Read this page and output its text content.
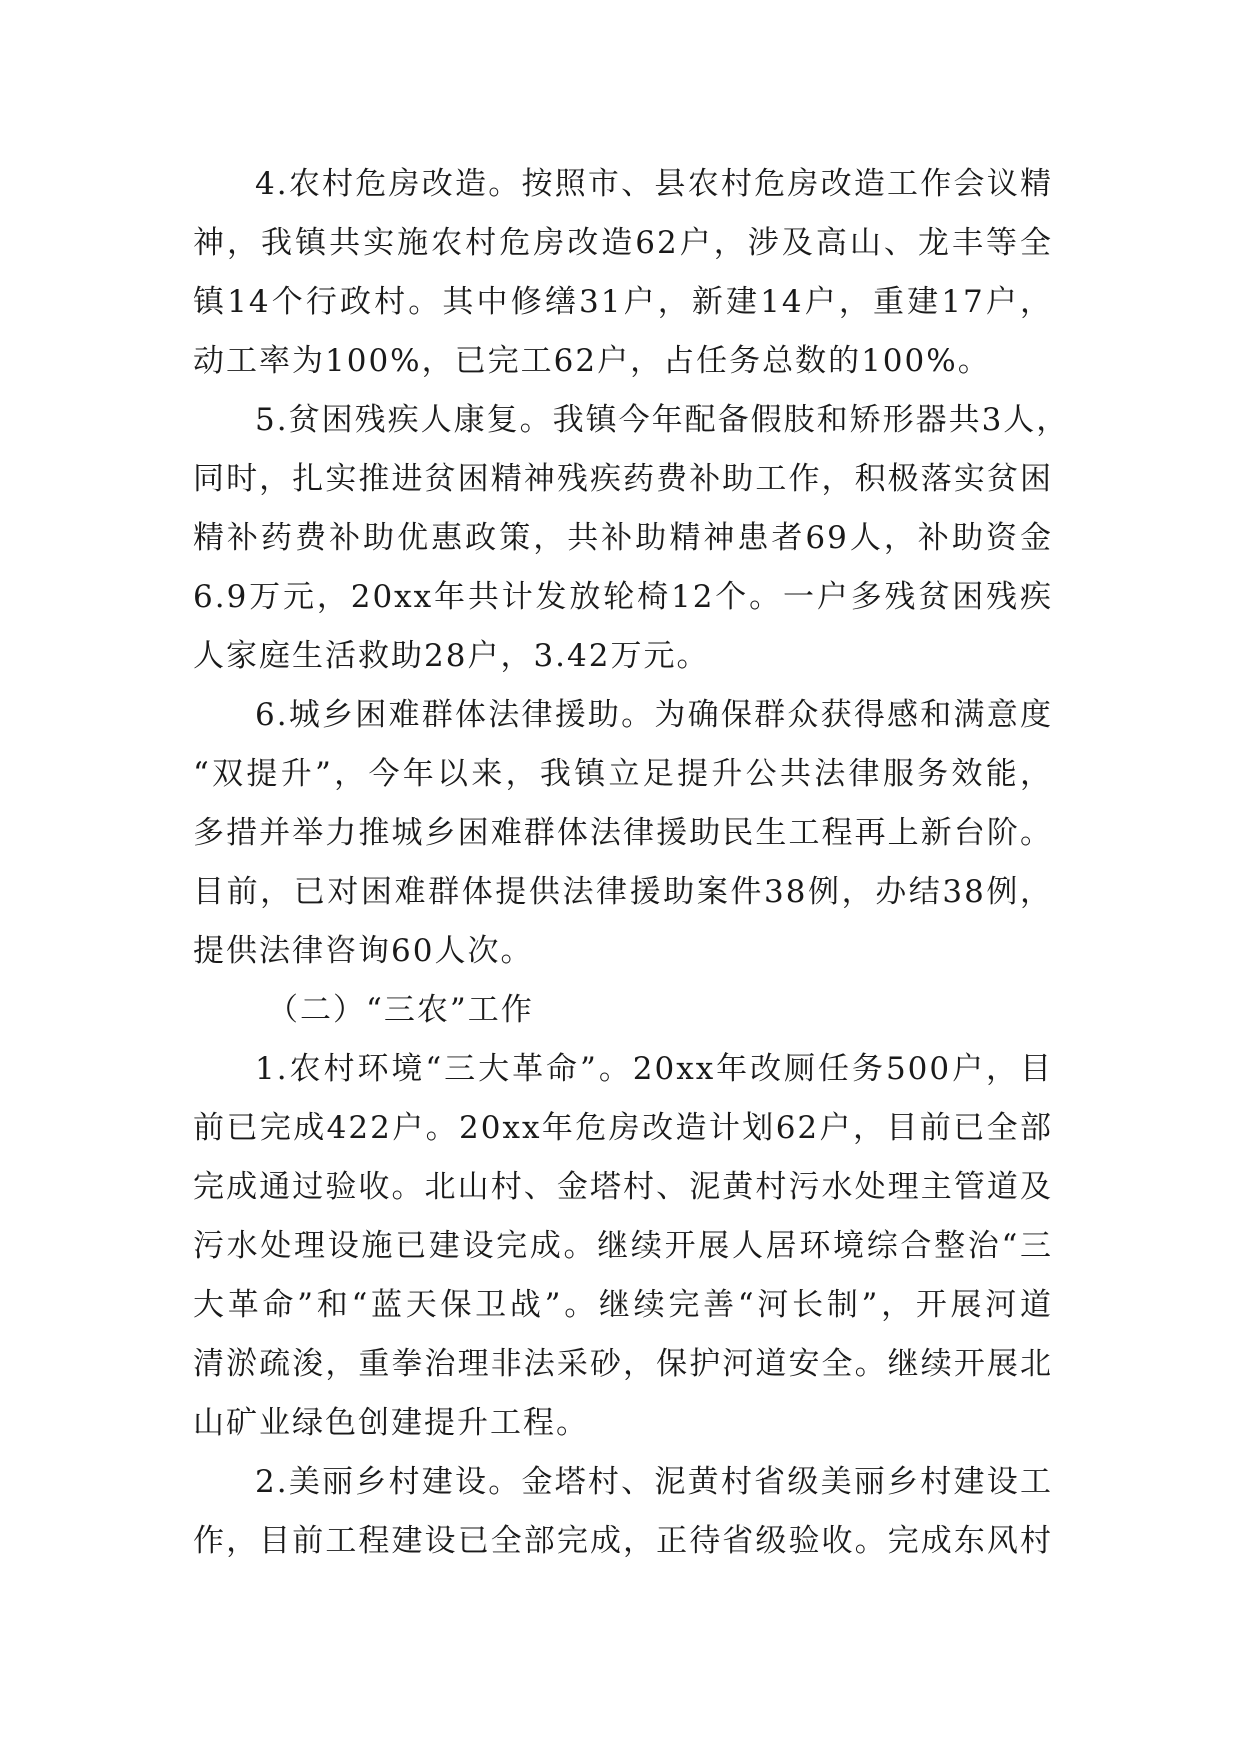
4.农村危房改造。按照市、县农村危房改造工作会议精
神，我镇共实施农村危房改造62户，涉及高山、龙丰等全
镇14个行政村。其中修缮31户，新建14户，重建17户，
动工率为100%，已完工62户，占任务总数的100%。
5.贫困残疾人康复。我镇今年配备假肢和矫形器共3人，
同时，扎实推进贫困精神残疾药费补助工作，积极落实贫困
精补药费补助优惠政策，共补助精神患者69人，补助资金
6.9万元，20xx年共计发放轮椅12个。一户多残贫困残疾
人家庭生活救助28户，3.42万元。
6.城乡困难群体法律援助。为确保群众获得感和满意度
“双提升”，今年以来，我镇立足提升公共法律服务效能，
多措并举力推城乡困难群体法律援助民生工程再上新台阶。
目前，已对困难群体提供法律援助案件38例，办结38例，
提供法律咨询60人次。
（二）“三农”工作
1.农村环境“三大革命”。20xx年改厕任务500户，目
前已完成422户。20xx年危房改造计划62户，目前已全部
完成通过验收。北山村、金塔村、泥黄村污水处理主管道及
污水处理设施已建设完成。继续开展人居环境综合整治“三
大革命”和“蓝天保卫战”。继续完善“河长制”，开展河道
清淤疏浚，重拳治理非法采砂，保护河道安全。继续开展北
山矿业绿色创建提升工程。
2.美丽乡村建设。金塔村、泥黄村省级美丽乡村建设工
作，目前工程建设已全部完成，正待省级验收。完成东风村
